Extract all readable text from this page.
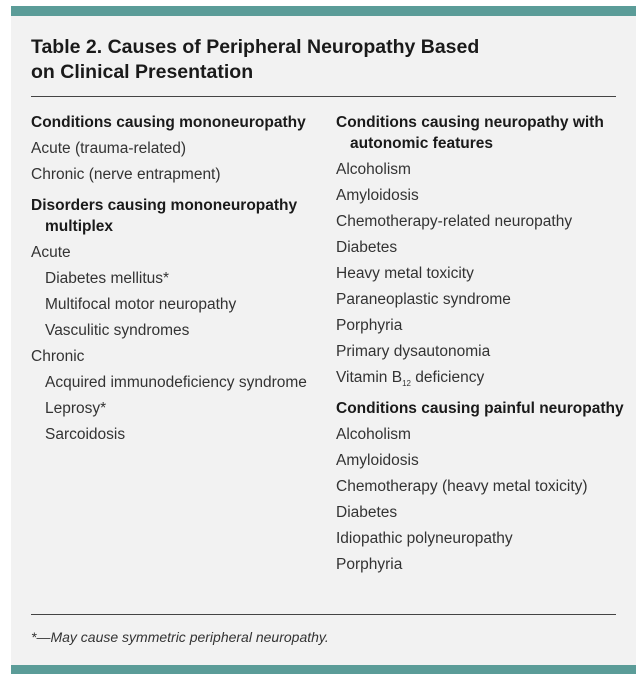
Table 2. Causes of Peripheral Neuropathy Based
on Clinical Presentation

Conditions causing mononeuropathy

Acute (trauma-related)
Chronic (nerve entrapment)

Disorders causing mononeuropathy multiplex

Acute
Diabetes mellitus*
Multifocal motor neuropathy
Vasculitic syndromes
Chronic
Acquired immunodeficiency syndrome
Leprosy*
Sarcoidosis

Conditions causing neuropathy with autonomic features

Alcoholism
Amyloidosis
Chemotherapy-related neuropathy
Diabetes
Heavy metal toxicity
Paraneoplastic syndrome
Porphyria
Primary dysautonomia
Vitamin $B_{12}$ deficiency

Conditions causing painful neuropathy

Alcoholism
Amyloidosis
Chemotherapy (heavy metal toxicity)
Diabetes
Idiopathic polyneuropathy
Porphyria
*—May cause symmetric peripheral neuropathy.
